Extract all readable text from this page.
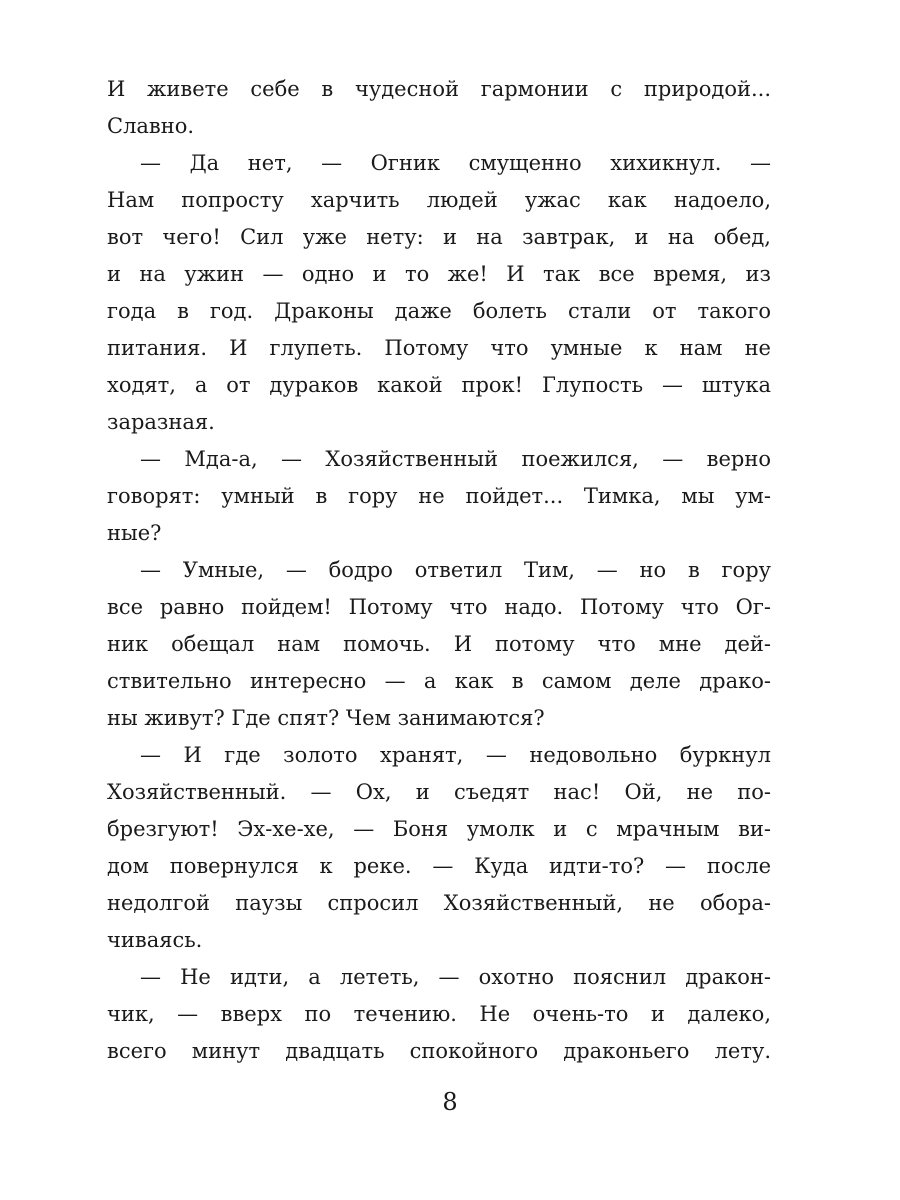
И живете себе в чудесной гармонии с природой...
Славно.
— Да нет, — Огник смущенно хихикнул. —
Нам попросту харчить людей ужас как надоело,
вот чего! Сил уже нету: и на завтрак, и на обед,
и на ужин — одно и то же! И так все время, из
года в год. Драконы даже болеть стали от такого
питания. И глупеть. Потому что умные к нам не
ходят, а от дураков какой прок! Глупость — штука
заразная.
— Мда-а, — Хозяйственный поежился, — верно
говорят: умный в гору не пойдет... Тимка, мы ум-
ные?
— Умные, — бодро ответил Тим, — но в гору
все равно пойдем! Потому что надо. Потому что Ог-
ник обещал нам помочь. И потому что мне дей-
ствительно интересно — а как в самом деле драко-
ны живут? Где спят? Чем занимаются?
— И где золото хранят, — недовольно буркнул
Хозяйственный. — Ох, и съедят нас! Ой, не по-
брезгуют! Эх-хе-хе, — Боня умолк и с мрачным ви-
дом повернулся к реке. — Куда идти-то? — после
недолгой паузы спросил Хозяйственный, не обора-
чиваясь.
— Не идти, а лететь, — охотно пояснил дракон-
чик, — вверх по течению. Не очень-то и далеко,
всего минут двадцать спокойного драконьего лету.
8
